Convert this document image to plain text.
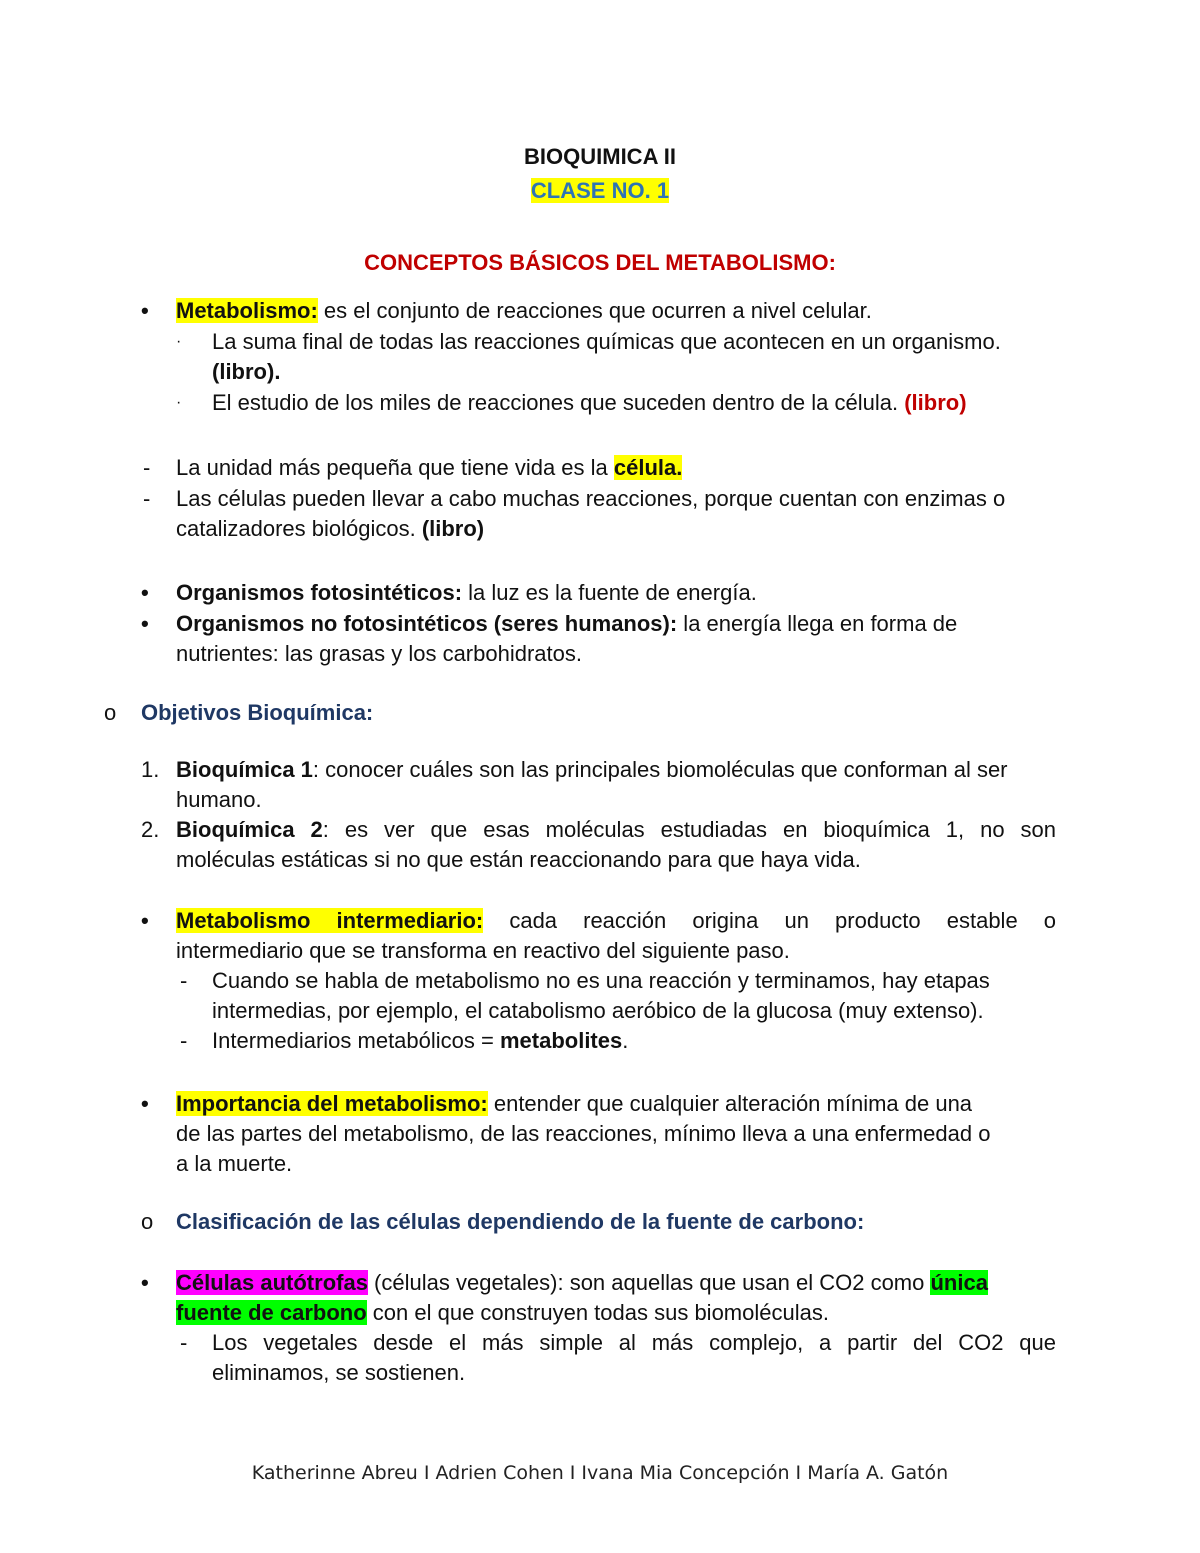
BIOQUIMICA II

CLASE NO. 1

CONCEPTOS BÁSICOS DEL METABOLISMO:

• Metabolismo: es el conjunto de reacciones que ocurren a nivel celular.

· La suma final de todas las reacciones químicas que acontecen en un organismo.

(libro).

· El estudio de los miles de reacciones que suceden dentro de la célula. (libro)

- La unidad más pequeña que tiene vida es la célula.

- Las células pueden llevar a cabo muchas reacciones, porque cuentan con enzimas o

catalizadores biológicos. (libro)

• Organismos fotosintéticos: la luz es la fuente de energía.

• Organismos no fotosintéticos (seres humanos): la energía llega en forma de

nutrientes: las grasas y los carbohidratos.

o Objetivos Bioquímica:

1. Bioquímica 1: conocer cuáles son las principales biomoléculas que conforman al ser

humano.

2. Bioquímica 2: es ver que esas moléculas estudiadas en bioquímica 1, no son

moléculas estáticas si no que están reaccionando para que haya vida.

• Metabolismo intermediario: cada reacción origina un producto estable o

intermediario que se transforma en reactivo del siguiente paso.

- Cuando se habla de metabolismo no es una reacción y terminamos, hay etapas

intermedias, por ejemplo, el catabolismo aeróbico de la glucosa (muy extenso).

- Intermediarios metabólicos = metabolites.

• Importancia del metabolismo: entender que cualquier alteración mínima de una

de las partes del metabolismo, de las reacciones, mínimo lleva a una enfermedad o

a la muerte.

o Clasificación de las células dependiendo de la fuente de carbono:

• Células autótrofas (células vegetales): son aquellas que usan el CO2 como única

fuente de carbono con el que construyen todas sus biomoléculas.

- Los vegetales desde el más simple al más complejo, a partir del CO2 que

eliminamos, se sostienen.

Katherinne Abreu I Adrien Cohen I Ivana Mia Concepción I María A. Gatón
